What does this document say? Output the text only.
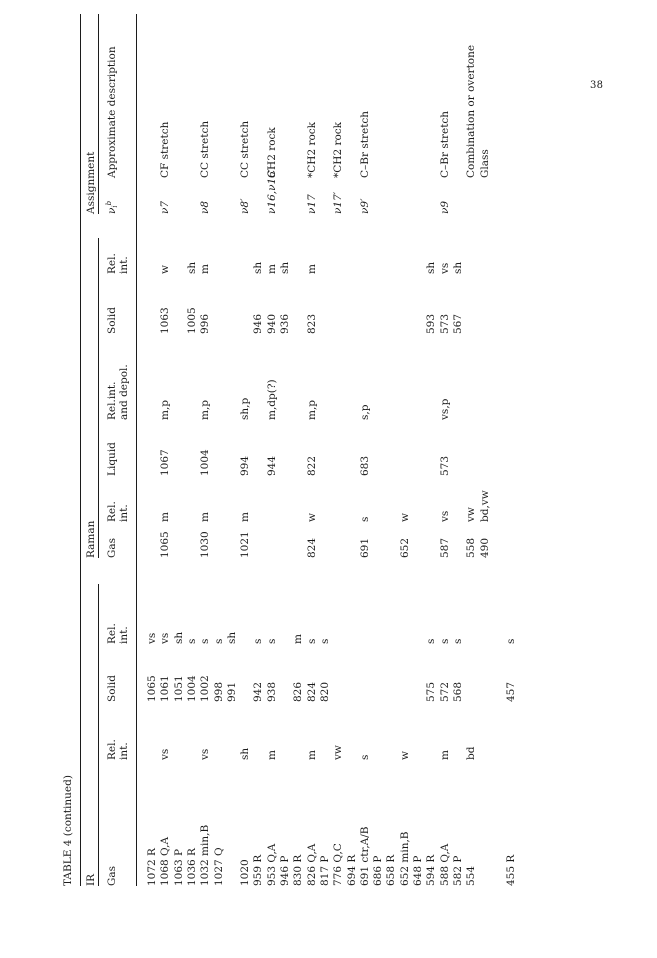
38
TABLE 4 (continued) IR
Raman
Assignment
Gas
Rel. int.
Solid
Rel. int.
Gas
Rel. int.
Liquid
Rel.int. and depol.
Solid
Rel. int.
$\nu i^b$
Approximate description
1072 R
1065
vs
1068 Q,A
vs
1061
vs
1065
m
1067
m,p
1063
w
ν7
CF stretch
1063 P
1051
sh
1036 R
1004
s
1005
sh
1032 min,B
vs
1002
s
1030
m
1004
m,p
996
m
ν8
CC stretch
1027 Q
998
s
991
sh
1020
sh
1021
m
994
sh,p
ν8′
CC stretch
959 R
942
s
946
sh
953 Q,A
m
938
s
944
m,dp(?)
940
m
ν16,ν16′
CH2 rock
946 P
936
sh
830 R
826
m
826 Q,A
m
824
s
824
w
822
m,p
823
m
ν17
*CH2 rock
817 P
820
s
776 Q,C
vw
ν17′
*CH2 rock
694 R 691 ctr,A/B
s
691
s
683
s,p
ν9′
C–Br stretch
686 P 658 R 652 min,B
w
652
w
648 P 594 R
575
s
593
sh
588 Q,A
m
572
s
587
vs
573
vs,p
573
vs
ν9
C–Br stretch
582 P
568
s
567
sh
554
bd
558
vw
Combination or overtone
490
bd,vw
Glass
455 R
457
s
